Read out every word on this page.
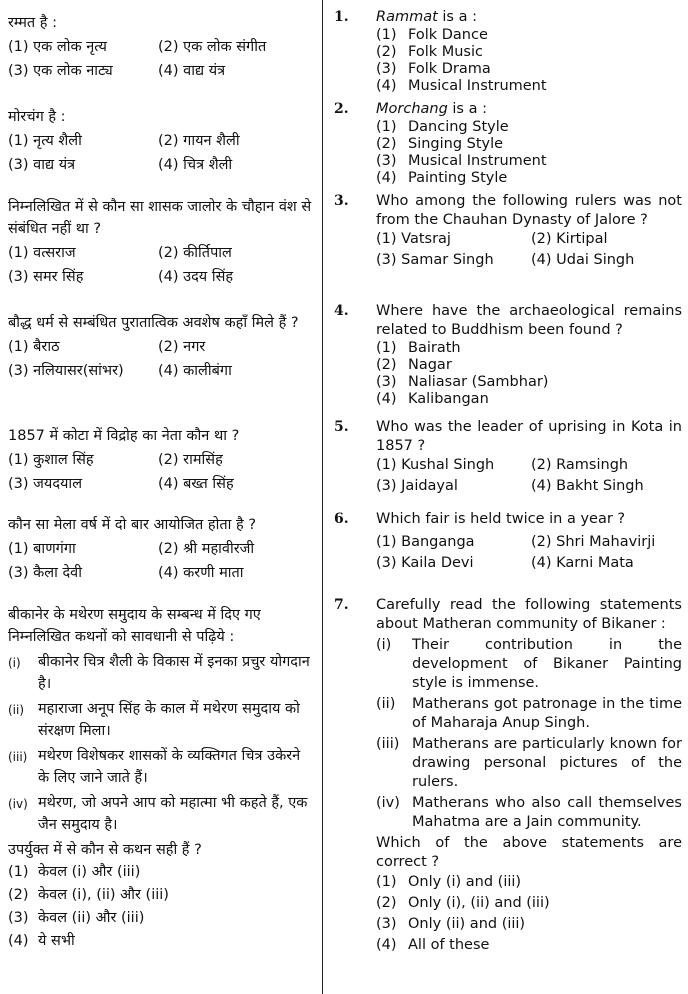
रम्मत है :

(1) एक लोक नृत्य	(2) एक लोक संगीत
(3) एक लोक नाट्य	(4) वाद्य यंत्र

मोरचंग है :

(1) नृत्य शैली	(2) गायन शैली
(3) वाद्य यंत्र	(4) चित्र शैली

निम्नलिखित में से कौन सा शासक जालोर के चौहान वंश से संबंधित नहीं था ?

(1) वत्सराज	(2) कीर्तिपाल
(3) समर सिंह	(4) उदय सिंह

बौद्ध धर्म से सम्बंधित पुरातात्विक अवशेष कहाँ मिले हैं ?

(1) बैराठ	(2) नगर
(3) नलियासर(सांभर)	(4) कालीबंगा

1857 में कोटा में विद्रोह का नेता कौन था ?

(1) कुशाल सिंह	(2) रामसिंह
(3) जयदयाल	(4) बख्त सिंह

कौन सा मेला वर्ष में दो बार आयोजित होता है ?

(1) बाणगंगा	(2) श्री महावीरजी
(3) कैला देवी	(4) करणी माता

बीकानेर के मथेरण समुदाय के सम्बन्ध में दिए गए निम्नलिखित कथनों को सावधानी से पढ़िये :

(i)	बीकानेर चित्र शैली के विकास में इनका प्रचुर योगदान है।
(ii) महाराजा अनूप सिंह के काल में मथेरण समुदाय को संरक्षण मिला।
(iii) मथेरण विशेषकर शासकों के व्यक्तिगत चित्र उकेरने के लिए जाने जाते हैं।
(iv) मथेरण, जो अपने आप को महात्मा भी कहते हैं, एक जैन समुदाय है।

उपर्युक्त में से कौन से कथन सही हैं ?

(1) केवल (i) और (iii)
(2) केवल (i), (ii) और (iii)
(3) केवल (ii) और (iii)
(4) ये सभी
1. Rammat is a :

(1) Folk Dance
(2) Folk Music
(3) Folk Drama
(4) Musical Instrument
2. Morchang is a :

(1) Dancing Style
(2) Singing Style
(3) Musical Instrument
(4) Painting Style
3. Who among the following rulers was not from the Chauhan Dynasty of Jalore ?

(1) Vatsraj	(2) Kirtipal
(3) Samar Singh	(4) Udai Singh
4. Where have the archaeological remains related to Buddhism been found ?

(1) Bairath
(2) Nagar
(3) Naliasar (Sambhar)
(4) Kalibangan
5. Who was the leader of uprising in Kota in 1857 ?

(1) Kushal Singh	(2) Ramsingh
(3) Jaidayal	(4) Bakht Singh
6. Which fair is held twice in a year ?

(1) Banganga	(2) Shri Mahavirji
(3) Kaila Devi	(4) Karni Mata
7. Carefully read the following statements about Matheran community of Bikaner :

(i)	Their contribution in the development of Bikaner Painting style is immense.
(ii)	Matherans got patronage in the time of Maharaja Anup Singh.
(iii) Matherans are particularly known for drawing personal pictures of the rulers.
(iv) Matherans who also call themselves Mahatma are a Jain community.

Which of the above statements are correct ?

(1) Only (i) and (iii)
(2) Only (i), (ii) and (iii)
(3) Only (ii) and (iii)
(4) All of these
